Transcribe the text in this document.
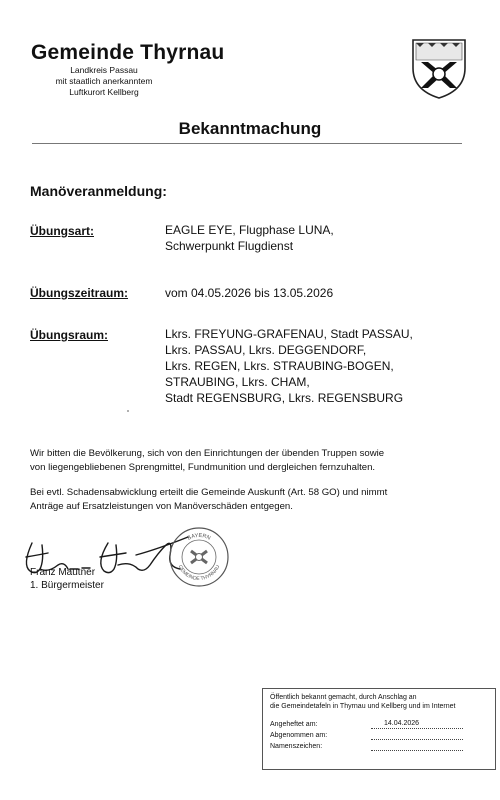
Gemeinde Thyrnau
Landkreis Passau
mit staatlich anerkanntem
Luftkurort Kellberg
Bekanntmachung
Manöveranmeldung:
Übungsart:	EAGLE EYE, Flugphase LUNA,
Schwerpunkt Flugdienst
Übungszeitraum:	vom 04.05.2026 bis 13.05.2026
Übungsraum:	Lkrs. FREYUNG-GRAFENAU, Stadt PASSAU,
Lkrs. PASSAU, Lkrs. DEGGENDORF,
Lkrs. REGEN, Lkrs. STRAUBING-BOGEN,
STRAUBING, Lkrs. CHAM,
Stadt REGENSBURG, Lkrs. REGENSBURG
Wir bitten die Bevölkerung, sich von den Einrichtungen der übenden Truppen sowie
von liegengebliebenen Sprengmittel, Fundmunition und dergleichen fernzuhalten.
Bei evtl. Schadensabwicklung erteilt die Gemeinde Auskunft (Art. 58 GO) und nimmt
Anträge auf Ersatzleistungen von Manöverschäden entgegen.
BAYERN
GEMEINDE THYRNAU
Franz Mautner
1. Bürgermeister
Öffentlich bekannt gemacht, durch Anschlag an
die Gemeindetafeln in Thyrnau und Kellberg und im Internet
Angeheftet am:	14.04.2026
Abgenommen am:
Namenszeichen:
